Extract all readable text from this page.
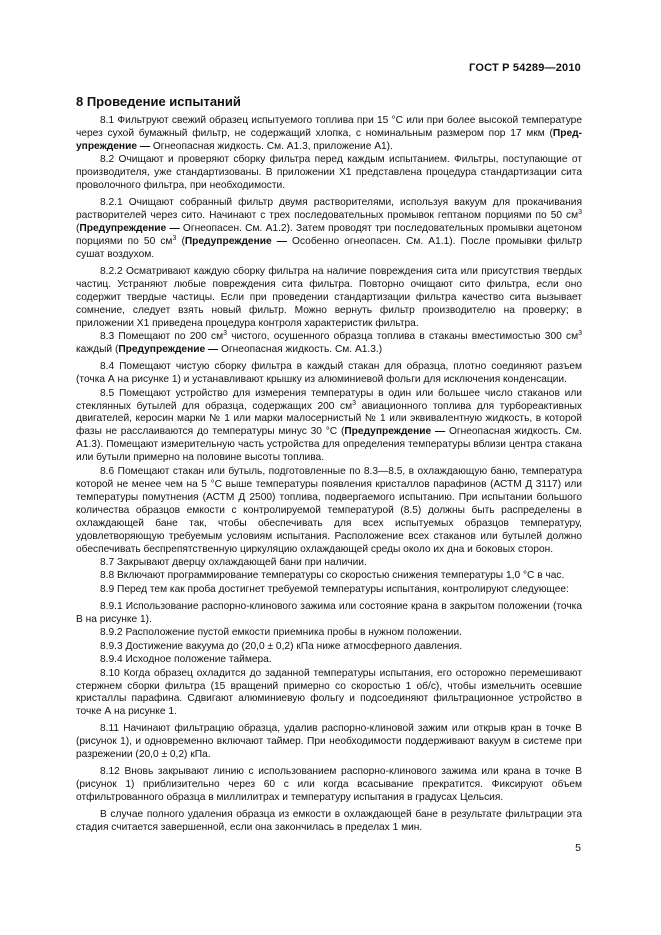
ГОСТ Р 54289—2010
8 Проведение испытаний

8.1 Фильтруют свежий образец испытуемого топлива при 15 °С или при более высокой температуре через сухой бумажный фильтр, не содержащий хлопка, с номинальным размером пор 17 мкм (Пред- упреждение — Огнеопасная жидкость. См. А1.3, приложение А1).

8.2 Очищают и проверяют сборку фильтра перед каждым испытанием. Фильтры, поступающие от производителя, уже стандартизованы. В приложении Х1 представлена процедура стандартизации сита проволочного фильтра, при необходимости.

8.2.1 Очищают собранный фильтр двумя растворителями, используя вакуум для прокачивания растворителей через сито. Начинают с трех последовательных промывок гептаном порциями по 50 $см^3$ (Предупреждение — Огнеопасен. См. А1.2). Затем проводят три последовательных промывки ацетоном порциями по 50 $см^3$ (Предупреждение — Особенно огнеопасен. См. А1.1). После промывки фильтр сушат воздухом.

8.2.2 Осматривают каждую сборку фильтра на наличие повреждения сита или присутствия твердых частиц. Устраняют любые повреждения сита фильтра. Повторно очищают сито фильтра, если оно содержит твердые частицы. Если при проведении стандартизации фильтра качество сита вызывает сомнение, следует взять новый фильтр. Можно вернуть фильтр производителю на проверку; в приложении Х1 приведена процедура контроля характеристик фильтра.

8.3 Помещают по 200 $см^3$ чистого, осушенного образца топлива в стаканы вместимостью 300 $см^3$ каждый (Предупреждение — Огнеопасная жидкость. См. А1.3.)

8.4 Помещают чистую сборку фильтра в каждый стакан для образца, плотно соединяют разъем (точка А на рисунке 1) и устанавливают крышку из алюминиевой фольги для исключения конденсации.

8.5 Помещают устройство для измерения температуры в один или большее число стаканов или стеклянных бутылей для образца, содержащих 200 $см^3$ авиационного топлива для турбореактивных двигателей, керосин марки № 1 или марки малосернистый № 1 или эквивалентную жидкость, в которой фазы не расслаиваются до температуры минус 30 °С (Предупреждение — Огнеопасная жидкость. См. А1.3). Помещают измерительную часть устройства для определения температуры вблизи центра стакана или бутыли примерно на половине высоты топлива.

8.6 Помещают стакан или бутыль, подготовленные по 8.3—8.5, в охлаждающую баню, температура которой не менее чем на 5 °С выше температуры появления кристаллов парафинов (АСТМ Д 3117) или температуры помутнения (АСТМ Д 2500) топлива, подвергаемого испытанию. При испытании большого количества образцов емкости с контролируемой температурой (8.5) должны быть распределены в охлаждающей бане так, чтобы обеспечивать для всех испытуемых образцов температуру, удовлетворяющую требуемым условиям испытания. Расположение всех стаканов или бутылей должно обеспечивать беспрепятственную циркуляцию охлаждающей среды около их дна и боковых сторон.

8.7 Закрывают дверцу охлаждающей бани при наличии.

8.8 Включают программирование температуры со скоростью снижения температуры 1,0 °С в час.

8.9 Перед тем как проба достигнет требуемой температуры испытания, контролируют следующее:

8.9.1 Использование распорно-клинового зажима или состояние крана в закрытом положении (точка В на рисунке 1).

8.9.2 Расположение пустой емкости приемника пробы в нужном положении.

8.9.3 Достижение вакуума до (20,0 ± 0,2) кПа ниже атмосферного давления.

8.9.4 Исходное положение таймера.

8.10 Когда образец охладится до заданной температуры испытания, его осторожно перемешивают стержнем сборки фильтра (15 вращений примерно со скоростью 1 об/с), чтобы измельчить осевшие кристаллы парафина. Сдвигают алюминиевую фольгу и подсоединяют фильтрационное устройство в точке А на рисунке 1.

8.11 Начинают фильтрацию образца, удалив распорно-клиновой зажим или открыв кран в точке В (рисунок 1), и одновременно включают таймер. При необходимости поддерживают вакуум в системе при разрежении (20,0 ± 0,2) кПа.

8.12 Вновь закрывают линию с использованием распорно-клинового зажима или крана в точке В (рисунок 1) приблизительно через 60 с или когда всасывание прекратится. Фиксируют объем отфильтрованного образца в миллилитрах и температуру испытания в градусах Цельсия.

В случае полного удаления образца из емкости в охлаждающей бане в результате фильтрации эта стадия считается завершенной, если она закончилась в пределах 1 мин.

5
